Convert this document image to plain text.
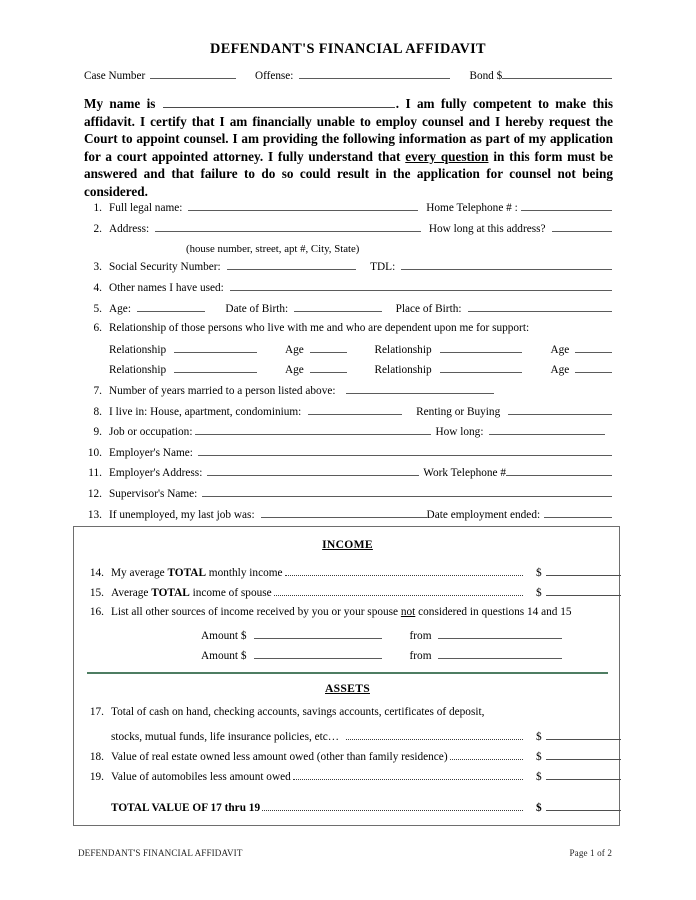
DEFENDANT'S FINANCIAL AFFIDAVIT
Case Number	Offense:	Bond $
My name is	. I am fully competent to make this affidavit. I certify that I am financially unable to employ counsel and I hereby request the Court to appoint counsel. I am providing the following information as part of my application for a court appointed attorney. I fully understand that every question in this form must be answered and that failure to do so could result in the application for counsel not being considered.
1. Full legal name:	Home Telephone # :
2. Address:	How long at this address?
(house number, street, apt #, City, State)
3. Social Security Number:	TDL:
4. Other names I have used:
5. Age:	Date of Birth:	Place of Birth:
6. Relationship of those persons who live with me and who are dependent upon me for support:
Relationship	Age	Relationship	Age
Relationship	Age	Relationship	Age
7. Number of years married to a person listed above:
8. I live in: House, apartment, condominium:	Renting or Buying
9. Job or occupation:	How long:
10. Employer's Name:
11. Employer's Address:	Work Telephone #
12. Supervisor's Name:
13. If unemployed, my last job was:	Date employment ended:
INCOME
14. My average TOTAL monthly income	$
15. Average TOTAL income of spouse	$
16. List all other sources of income received by you or your spouse not considered in questions 14 and 15
Amount $	from
Amount $	from
ASSETS
17. Total of cash on hand, checking accounts, savings accounts, certificates of deposit,
stocks, mutual funds, life insurance policies, etc…	$
18. Value of real estate owned less amount owed (other than family residence)	$
19. Value of automobiles less amount owed	$
TOTAL VALUE OF 17 thru 19	$
DEFENDANT'S FINANCIAL AFFIDAVIT	Page 1 of 2
